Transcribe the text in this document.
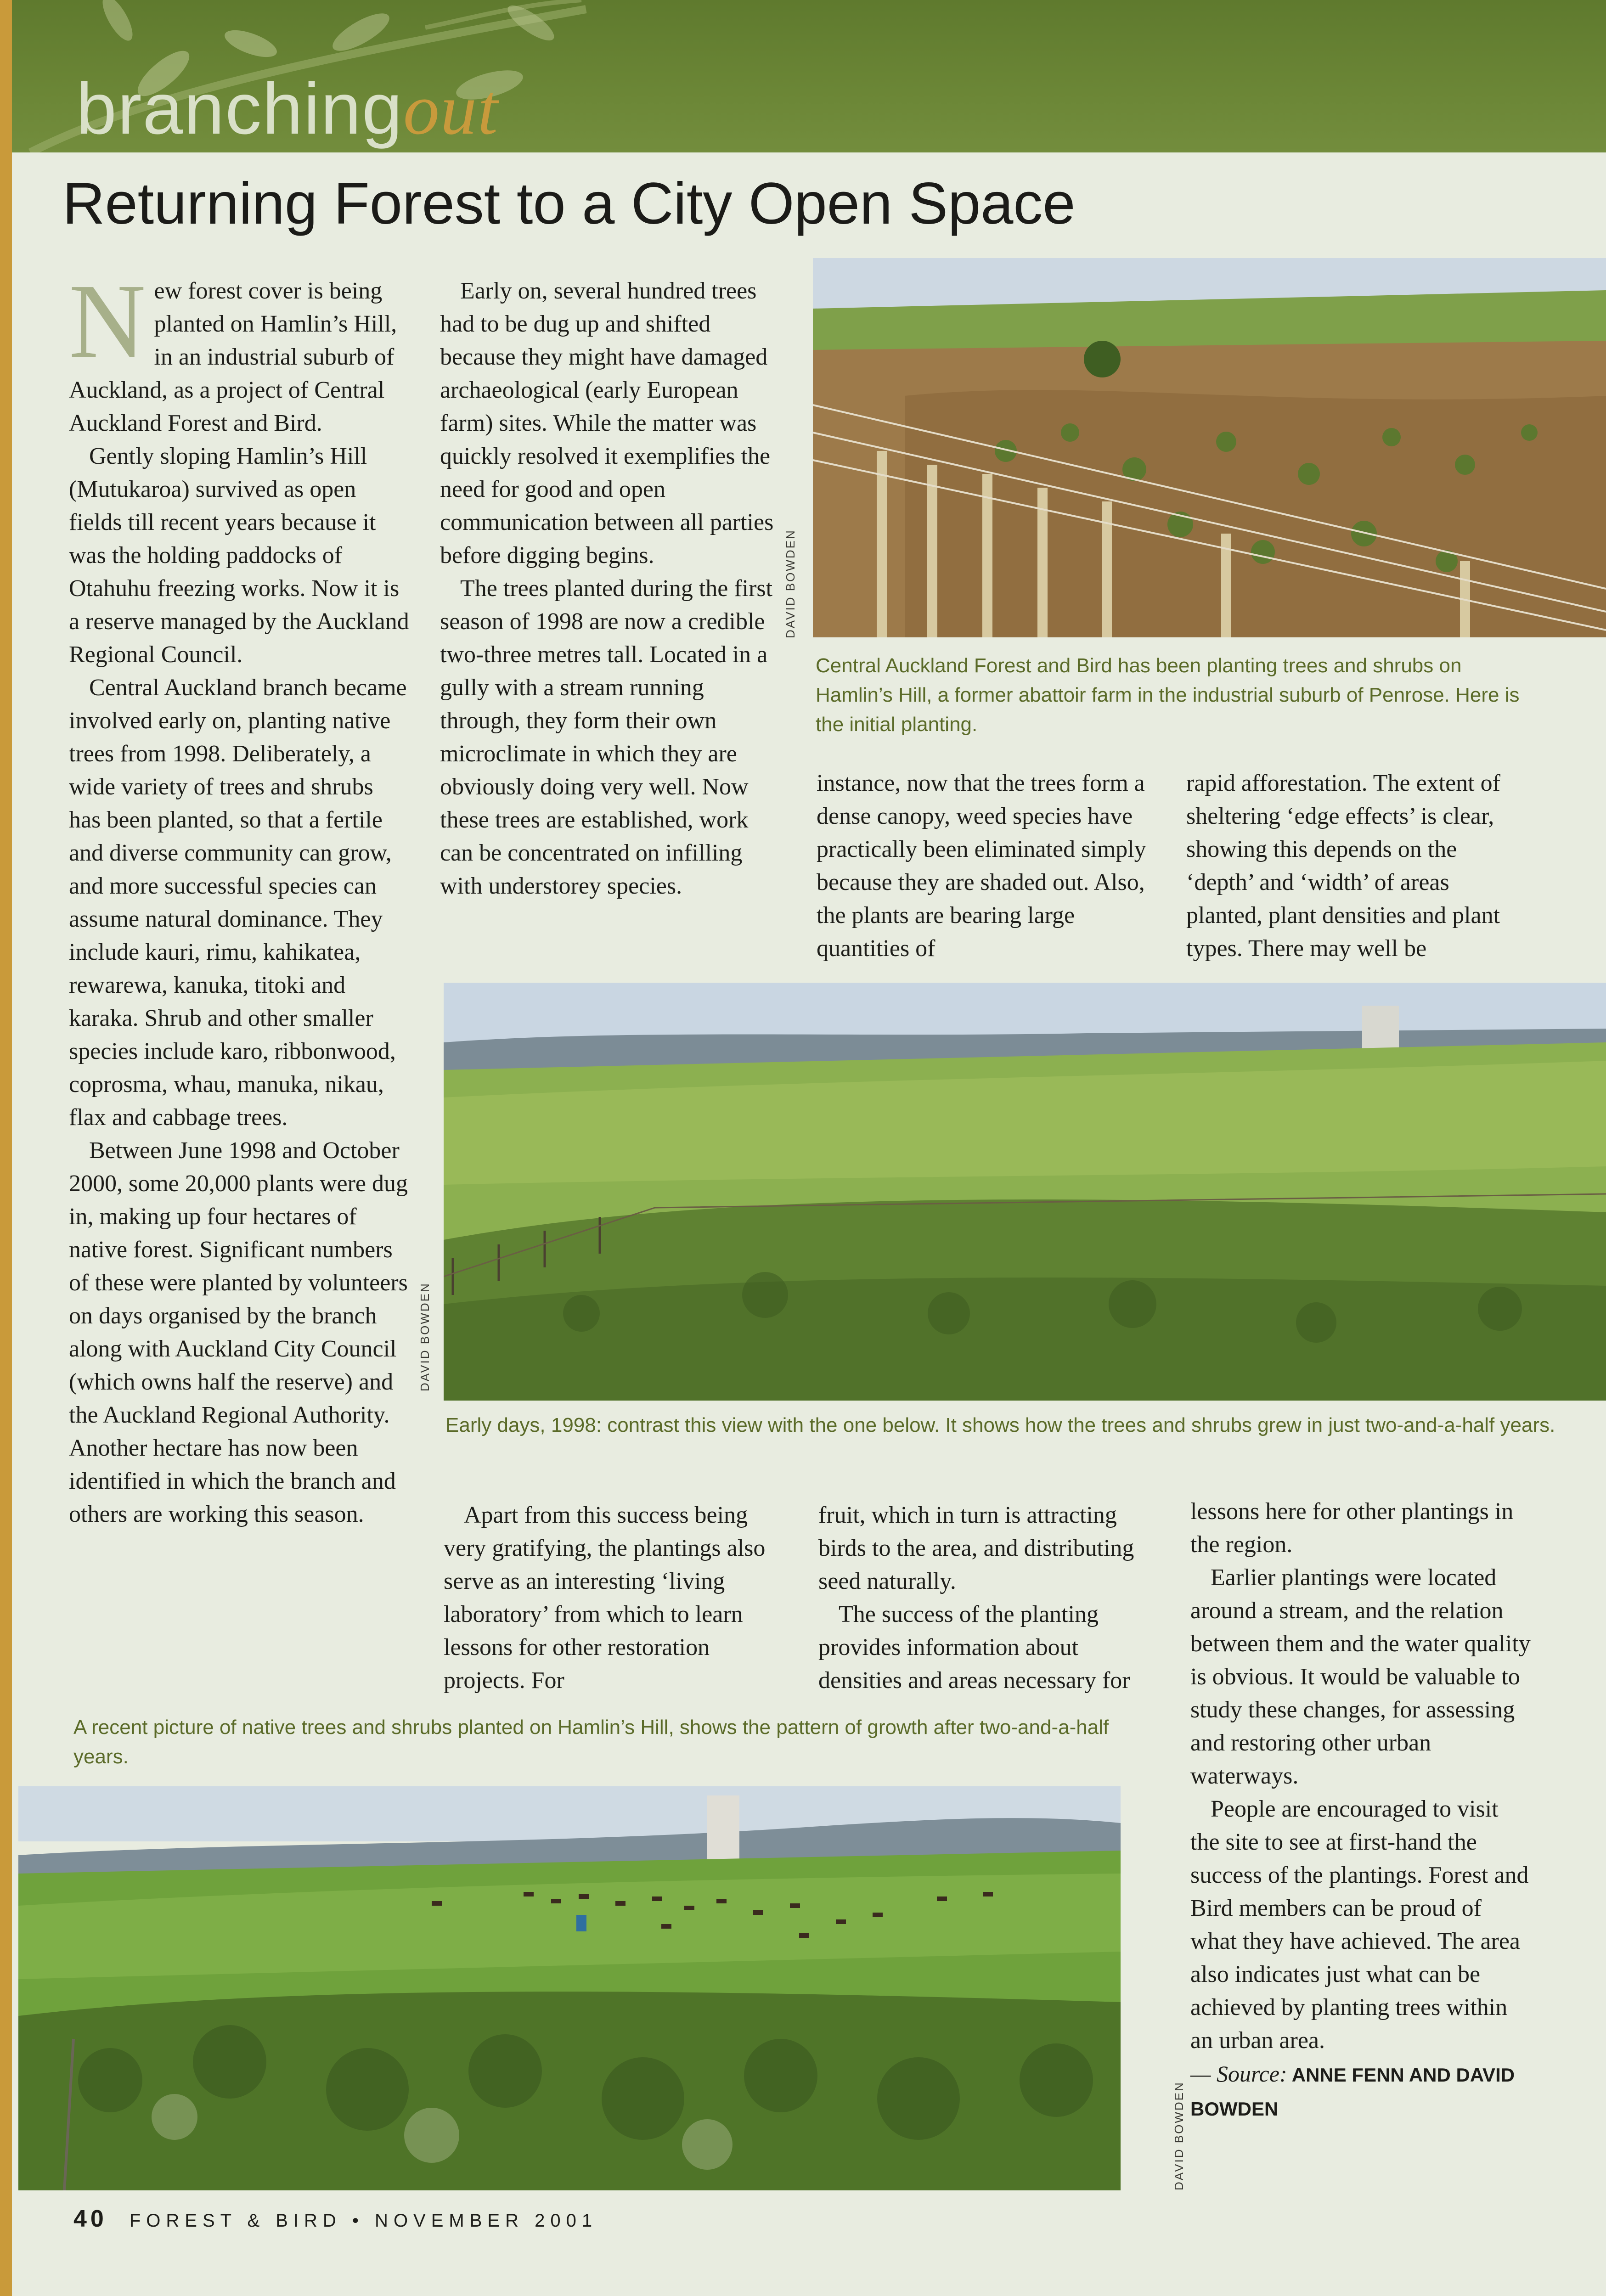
branchingout
Returning Forest to a City Open Space
N ew forest cover is being planted on Hamlin’s Hill, in an industrial suburb of Auckland, as a project of Central Auckland Forest and Bird.

Gently sloping Hamlin’s Hill (Mutukaroa) survived as open fields till recent years because it was the holding paddocks of Otahuhu freezing works. Now it is a reserve managed by the Auckland Regional Council.

Central Auckland branch became involved early on, planting native trees from 1998. Deliberately, a wide variety of trees and shrubs has been planted, so that a fertile and diverse community can grow, and more successful species can assume natural dominance. They include kauri, rimu, kahikatea, rewarewa, kanuka, titoki and karaka. Shrub and other smaller species include karo, ribbonwood, coprosma, whau, manuka, nikau, flax and cabbage trees.

Between June 1998 and October 2000, some 20,000 plants were dug in, making up four hectares of native forest. Significant numbers of these were planted by volunteers on days organised by the branch along with Auckland City Council (which owns half the reserve) and the Auckland Regional Authority. Another hectare has now been identified in which the branch and others are working this season.

Early on, several hundred trees had to be dug up and shifted because they might have damaged archaeological (early European farm) sites. While the matter was quickly resolved it exemplifies the need for good and open communication between all parties before digging begins.

The trees planted during the first season of 1998 are now a credible two-three metres tall. Located in a gully with a stream running through, they form their own microclimate in which they are obviously doing very well. Now these trees are established, work can be concentrated on infilling with understorey species.

DAVID BOWDEN
Central Auckland Forest and Bird has been planting trees and shrubs on Hamlin’s Hill, a former abattoir farm in the industrial suburb of Penrose. Here is the initial planting.

instance, now that the trees form a dense canopy, weed species have practically been eliminated simply because they are shaded out. Also, the plants are bearing large quantities of

rapid afforestation. The extent of sheltering ‘edge effects’ is clear, showing this depends on the ‘depth’ and ‘width’ of areas planted, plant densities and plant types. There may well be

DAVID BOWDEN
Early days, 1998: contrast this view with the one below. It shows how the trees and shrubs grew in just two-and-a-half years.

Apart from this success being very gratifying, the plantings also serve as an interesting ‘living laboratory’ from which to learn lessons for other restoration projects. For

fruit, which in turn is attracting birds to the area, and distributing seed naturally.

The success of the planting provides information about densities and areas necessary for

lessons here for other plantings in the region.

Earlier plantings were located around a stream, and the relation between them and the water quality is obvious. It would be valuable to study these changes, for assessing and restoring other urban waterways.

People are encouraged to visit the site to see at first-hand the success of the plantings. Forest and Bird members can be proud of what they have achieved. The area also indicates just what can be achieved by planting trees within an urban area.

— Source: ANNE FENN AND DAVID BOWDEN

A recent picture of native trees and shrubs planted on Hamlin’s Hill, shows the pattern of growth after two-and-a-half years.
DAVID BOWDEN
40 FOREST & BIRD • NOVEMBER 2001
